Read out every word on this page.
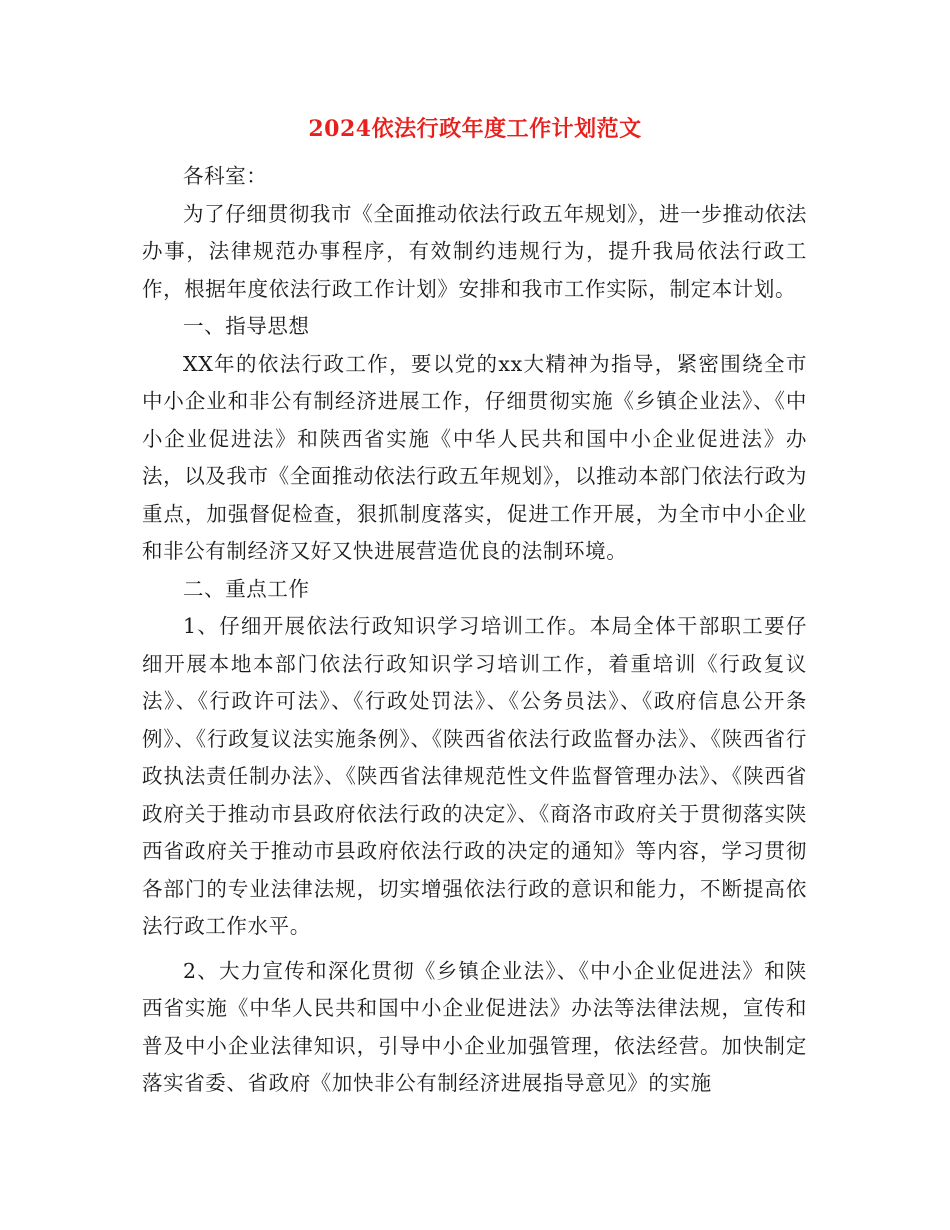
2024依法行政年度工作计划范文

各科室：

为了仔细贯彻我市《全面推动依法行政五年规划》，进一步推动依法办事，法律规范办事程序，有效制约违规行为，提升我局依法行政工作，根据年度依法行政工作计划》安排和我市工作实际，制定本计划。

一、指导思想

XX年的依法行政工作，要以党的xx大精神为指导，紧密围绕全市中小企业和非公有制经济进展工作，仔细贯彻实施《乡镇企业法》、《中小企业促进法》和陕西省实施《中华人民共和国中小企业促进法》办法，以及我市《全面推动依法行政五年规划》，以推动本部门依法行政为重点，加强督促检查，狠抓制度落实，促进工作开展，为全市中小企业和非公有制经济又好又快进展营造优良的法制环境。

二、重点工作

1、仔细开展依法行政知识学习培训工作。本局全体干部职工要仔细开展本地本部门依法行政知识学习培训工作，着重培训《行政复议法》、《行政许可法》、《行政处罚法》、《公务员法》、《政府信息公开条例》、《行政复议法实施条例》、《陕西省依法行政监督办法》、《陕西省行政执法责任制办法》、《陕西省法律规范性文件监督管理办法》、《陕西省政府关于推动市县政府依法行政的决定》、《商洛市政府关于贯彻落实陕西省政府关于推动市县政府依法行政的决定的通知》等内容，学习贯彻各部门的专业法律法规，切实增强依法行政的意识和能力，不断提高依法行政工作水平。

2、大力宣传和深化贯彻《乡镇企业法》、《中小企业促进法》和陕西省实施《中华人民共和国中小企业促进法》办法等法律法规，宣传和普及中小企业法律知识，引导中小企业加强管理，依法经营。加快制定落实省委、省政府《加快非公有制经济进展指导意见》的实施
